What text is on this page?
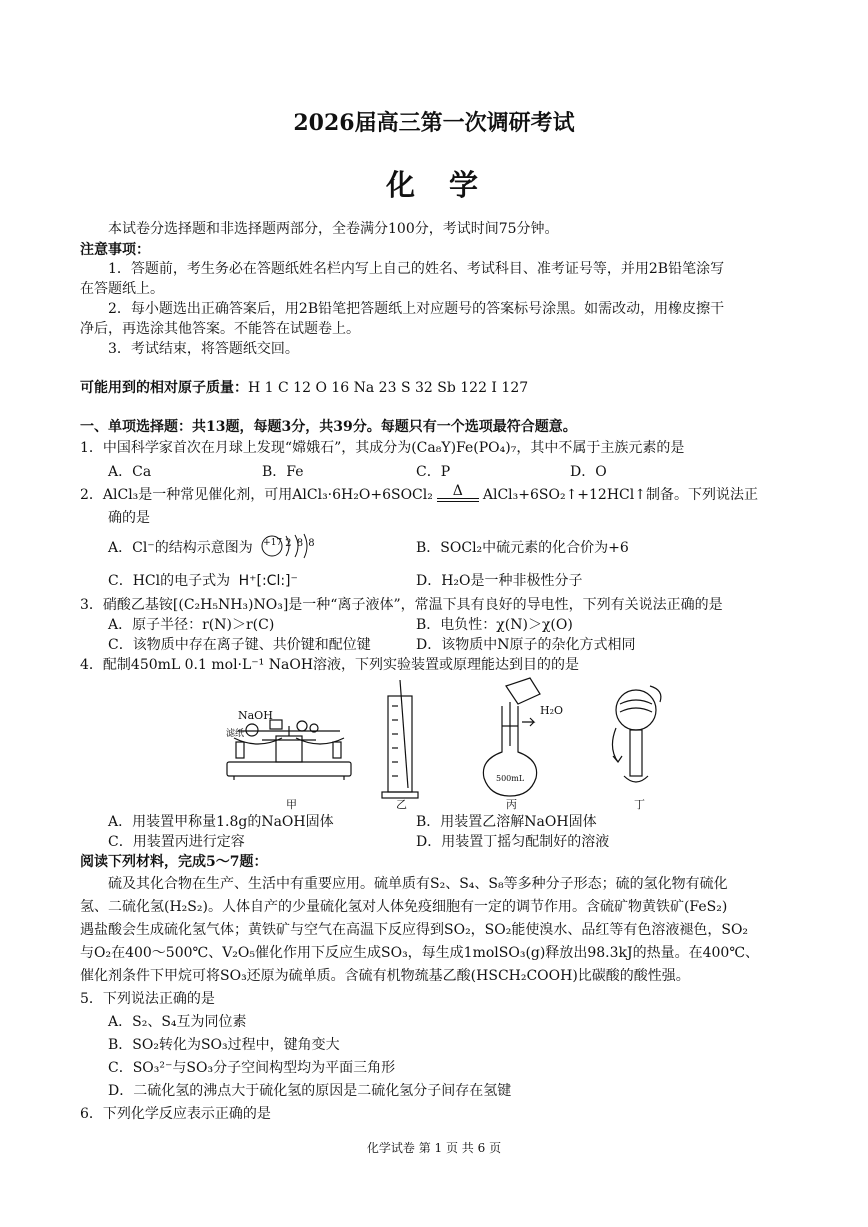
2026届高三第一次调研考试
化学
本试卷分选择题和非选择题两部分，全卷满分100分，考试时间75分钟。
注意事项：
1．答题前，考生务必在答题纸姓名栏内写上自己的姓名、考试科目、准考证号等，并用2B铅笔涂写
在答题纸上。
2．每小题选出正确答案后，用2B铅笔把答题纸上对应题号的答案标号涂黑。如需改动，用橡皮擦干
净后，再选涂其他答案。不能答在试题卷上。
3．考试结束，将答题纸交回。
可能用到的相对原子质量：H 1 C 12 O 16 Na 23 S 32 Sb 122 I 127
一、单项选择题：共13题，每题3分，共39分。每题只有一个选项最符合题意。
1．中国科学家首次在月球上发现“嫦娥石”，其成分为(Ca₈Y)Fe(PO₄)₇，其中不属于主族元素的是
A．Ca	B．Fe	C．P	D．O
2．AlCl₃是一种常见催化剂，可用AlCl₃·6H₂O+6SOCl₂ Δ AlCl₃+6SO₂↑+12HCl↑制备。下列说法正
确的是
A．Cl⁻的结构示意图为 +17 2 8 8	B．SOCl₂中硫元素的化合价为+6
C．HCl的电子式为 H⁺[:Cl:]⁻	D．H₂O是一种非极性分子
3．硝酸乙基铵[(C₂H₅NH₃)NO₃]是一种“离子液体”，常温下具有良好的导电性，下列有关说法正确的是
A．原子半径：r(N)＞r(C)	B．电负性：χ(N)＞χ(O)
C．该物质中存在离子键、共价键和配位键	D．该物质中N原子的杂化方式相同
4．配制450mL 0.1 mol·L⁻¹ NaOH溶液，下列实验装置或原理能达到目的的是
NaOH
滤纸
H₂O
500mL
甲	乙	丙	丁
A．用装置甲称量1.8g的NaOH固体	B．用装置乙溶解NaOH固体
C．用装置丙进行定容	D．用装置丁摇匀配制好的溶液
阅读下列材料，完成5～7题：
硫及其化合物在生产、生活中有重要应用。硫单质有S₂、S₄、S₈等多种分子形态；硫的氢化物有硫化
氢、二硫化氢(H₂S₂)。人体自产的少量硫化氢对人体免疫细胞有一定的调节作用。含硫矿物黄铁矿(FeS₂)
遇盐酸会生成硫化氢气体；黄铁矿与空气在高温下反应得到SO₂，SO₂能使溴水、品红等有色溶液褪色，SO₂
与O₂在400～500℃、V₂O₅催化作用下反应生成SO₃，每生成1molSO₃(g)释放出98.3kJ的热量。在400℃、
催化剂条件下甲烷可将SO₃还原为硫单质。含硫有机物巯基乙酸(HSCH₂COOH)比碳酸的酸性强。
5．下列说法正确的是
A．S₂、S₄互为同位素
B．SO₂转化为SO₃过程中，键角变大
C．SO₃²⁻与SO₃分子空间构型均为平面三角形
D．二硫化氢的沸点大于硫化氢的原因是二硫化氢分子间存在氢键
6．下列化学反应表示正确的是
化学试卷 第 1 页 共 6 页
